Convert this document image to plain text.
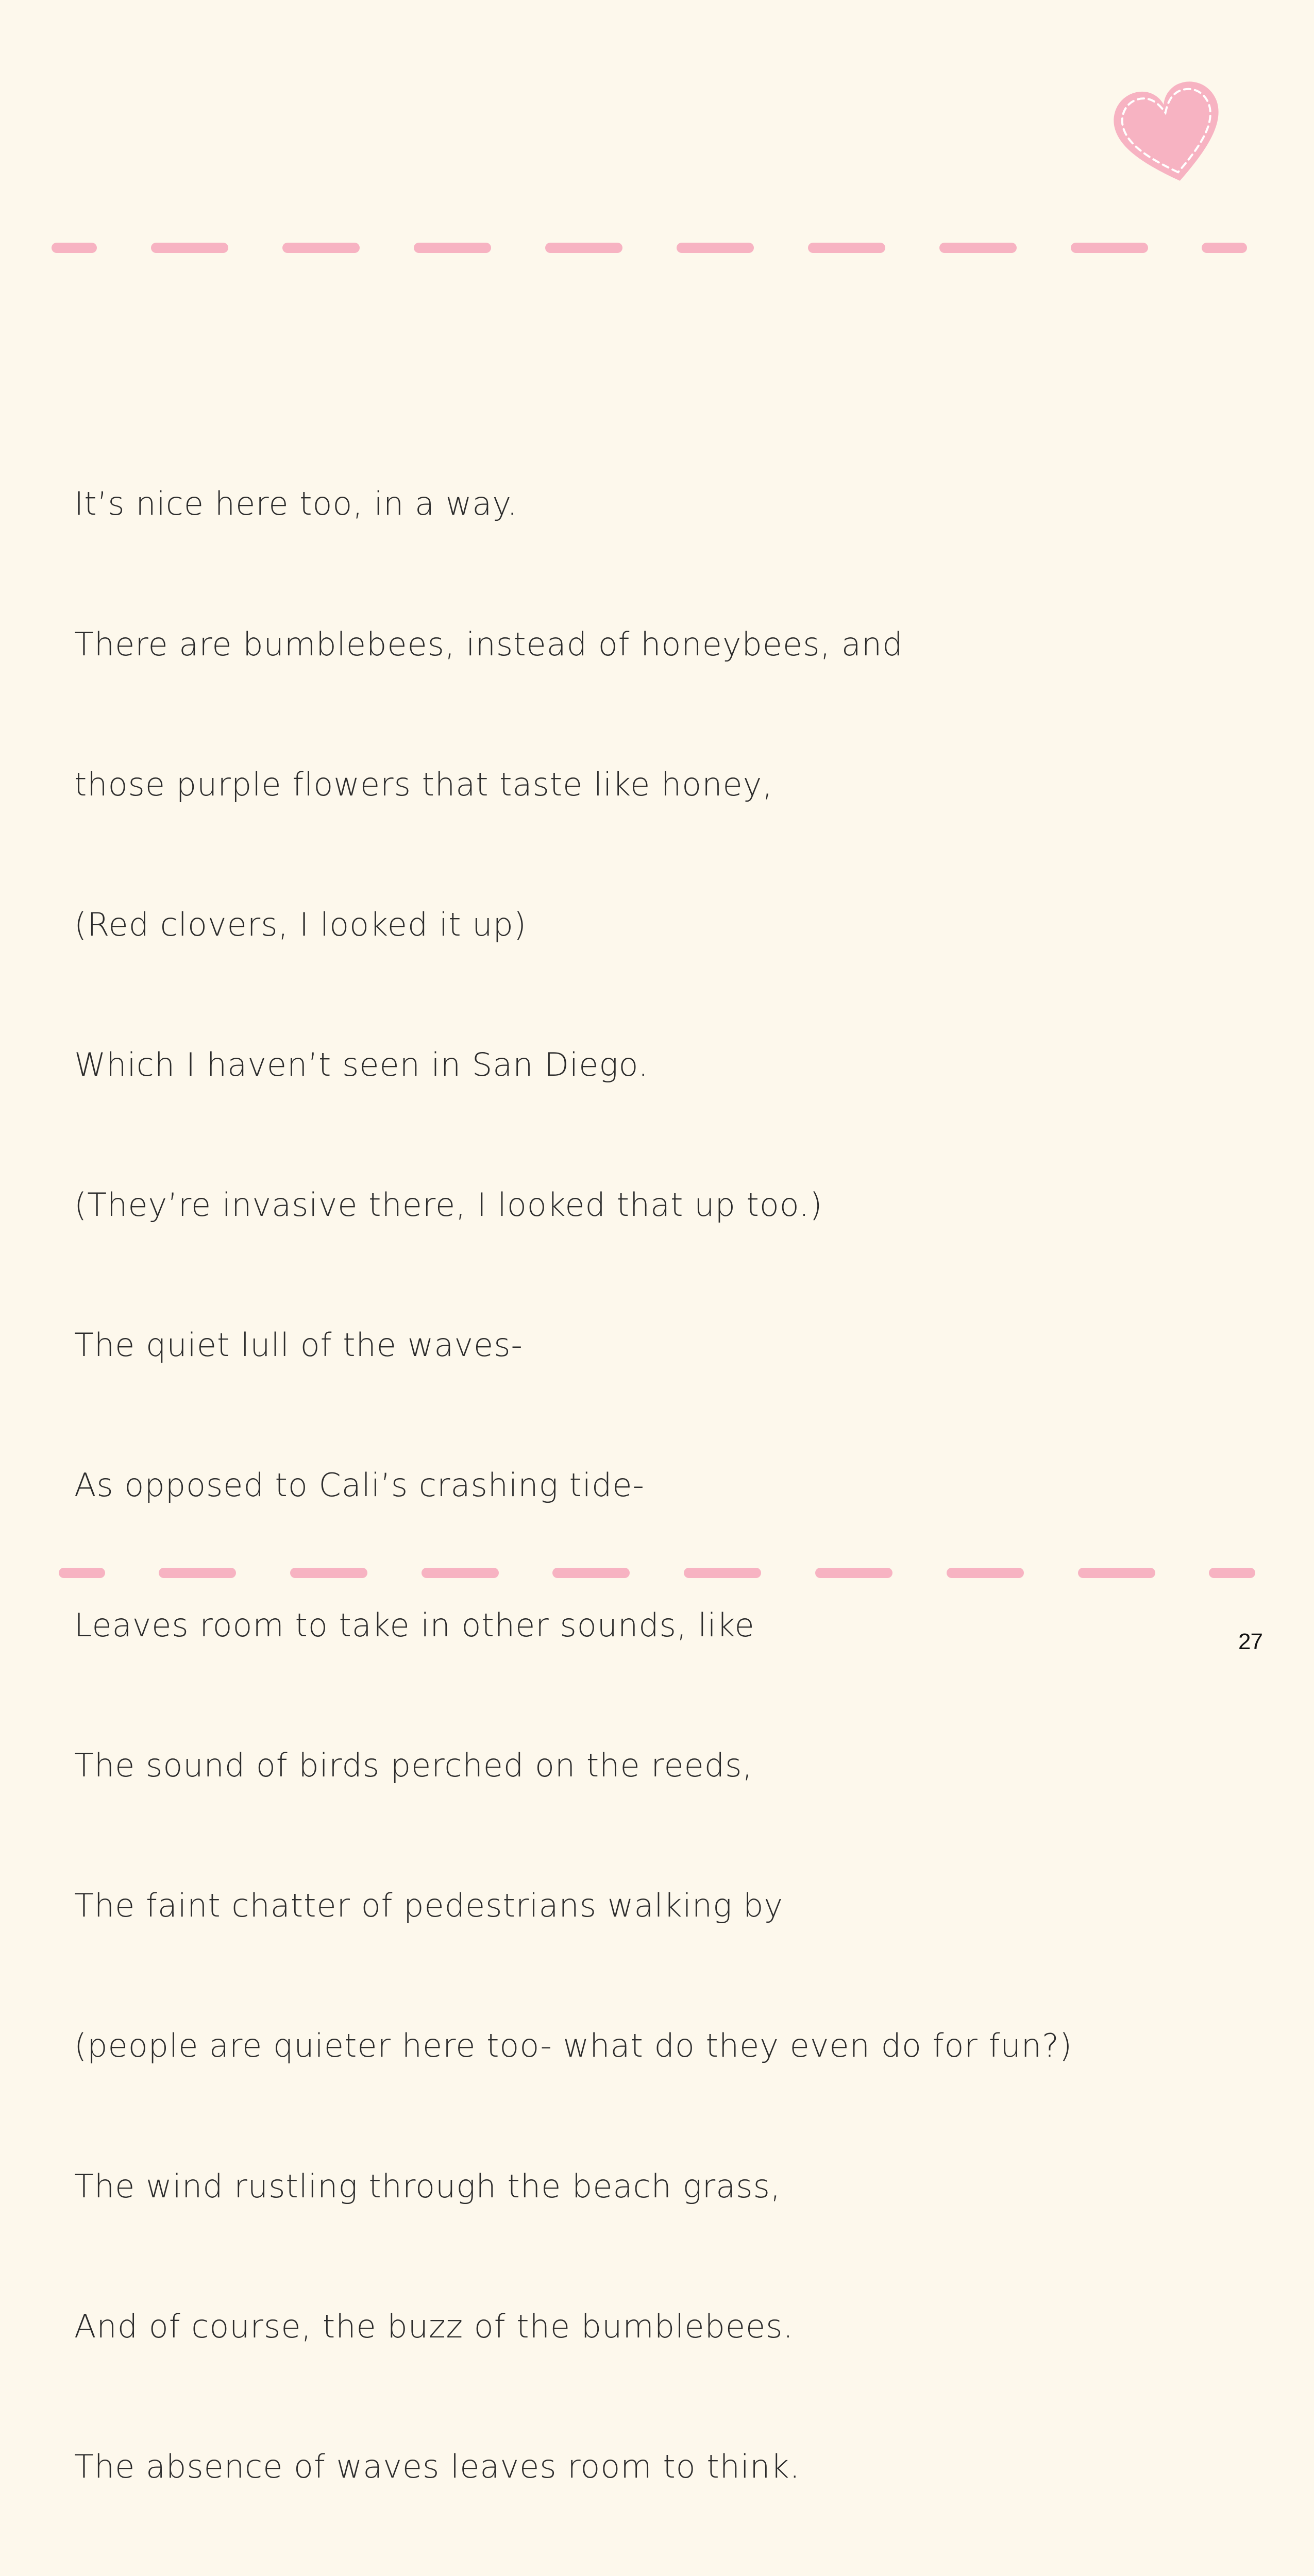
It’s nice here too, in a way.

There are bumblebees, instead of honeybees, and

those purple flowers that taste like honey,

(Red clovers, I looked it up)

Which I haven’t seen in San Diego.

(They’re invasive there, I looked that up too.)

The quiet lull of the waves-

As opposed to Cali’s crashing tide-

Leaves room to take in other sounds, like

The sound of birds perched on the reeds,

The faint chatter of pedestrians walking by

(people are quieter here too- what do they even do for fun?)

The wind rustling through the beach grass,

And of course, the buzz of the bumblebees.

The absence of waves leaves room to think.

27
